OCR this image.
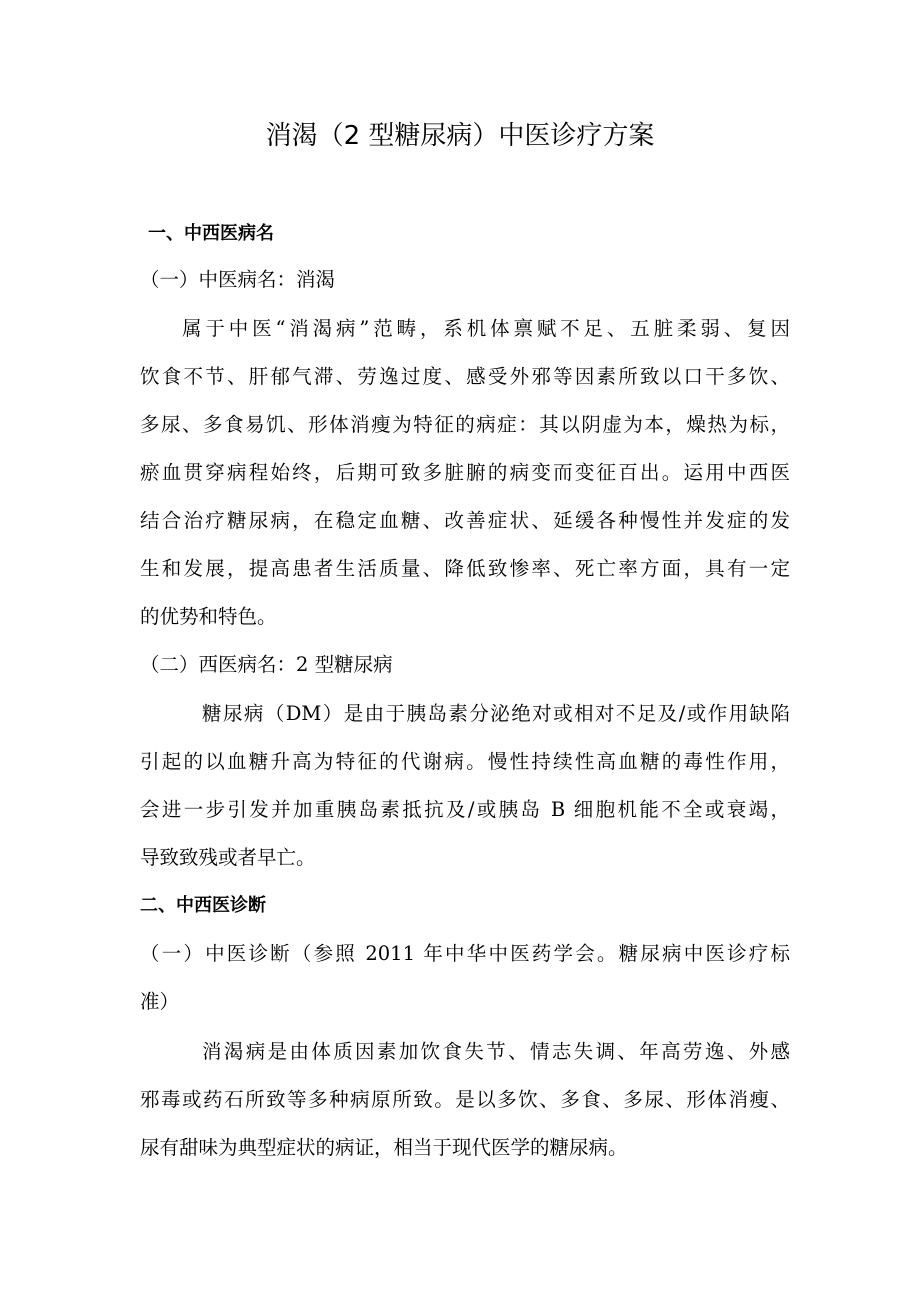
消渴（2 型糖尿病）中医诊疗方案
一、中西医病名
（一）中医病名：消渴
属于中医“消渴病”范畴，系机体禀赋不足、五脏柔弱、复因
饮食不节、肝郁气滞、劳逸过度、感受外邪等因素所致以口干多饮、
多尿、多食易饥、形体消瘦为特征的病症：其以阴虚为本，燥热为标，
瘀血贯穿病程始终，后期可致多脏腑的病变而变征百出。运用中西医
结合治疗糖尿病，在稳定血糖、改善症状、延缓各种慢性并发症的发
生和发展，提高患者生活质量、降低致惨率、死亡率方面，具有一定
的优势和特色。
（二）西医病名：2 型糖尿病
糖尿病（DM）是由于胰岛素分泌绝对或相对不足及/或作用缺陷
引起的以血糖升高为特征的代谢病。慢性持续性高血糖的毒性作用，
会进一步引发并加重胰岛素抵抗及/或胰岛 B 细胞机能不全或衰竭，
导致致残或者早亡。
二、中西医诊断
（一）中医诊断（参照 2011 年中华中医药学会。糖尿病中医诊疗标
准）
消渴病是由体质因素加饮食失节、情志失调、年高劳逸、外感
邪毒或药石所致等多种病原所致。是以多饮、多食、多尿、形体消瘦、
尿有甜味为典型症状的病证，相当于现代医学的糖尿病。
